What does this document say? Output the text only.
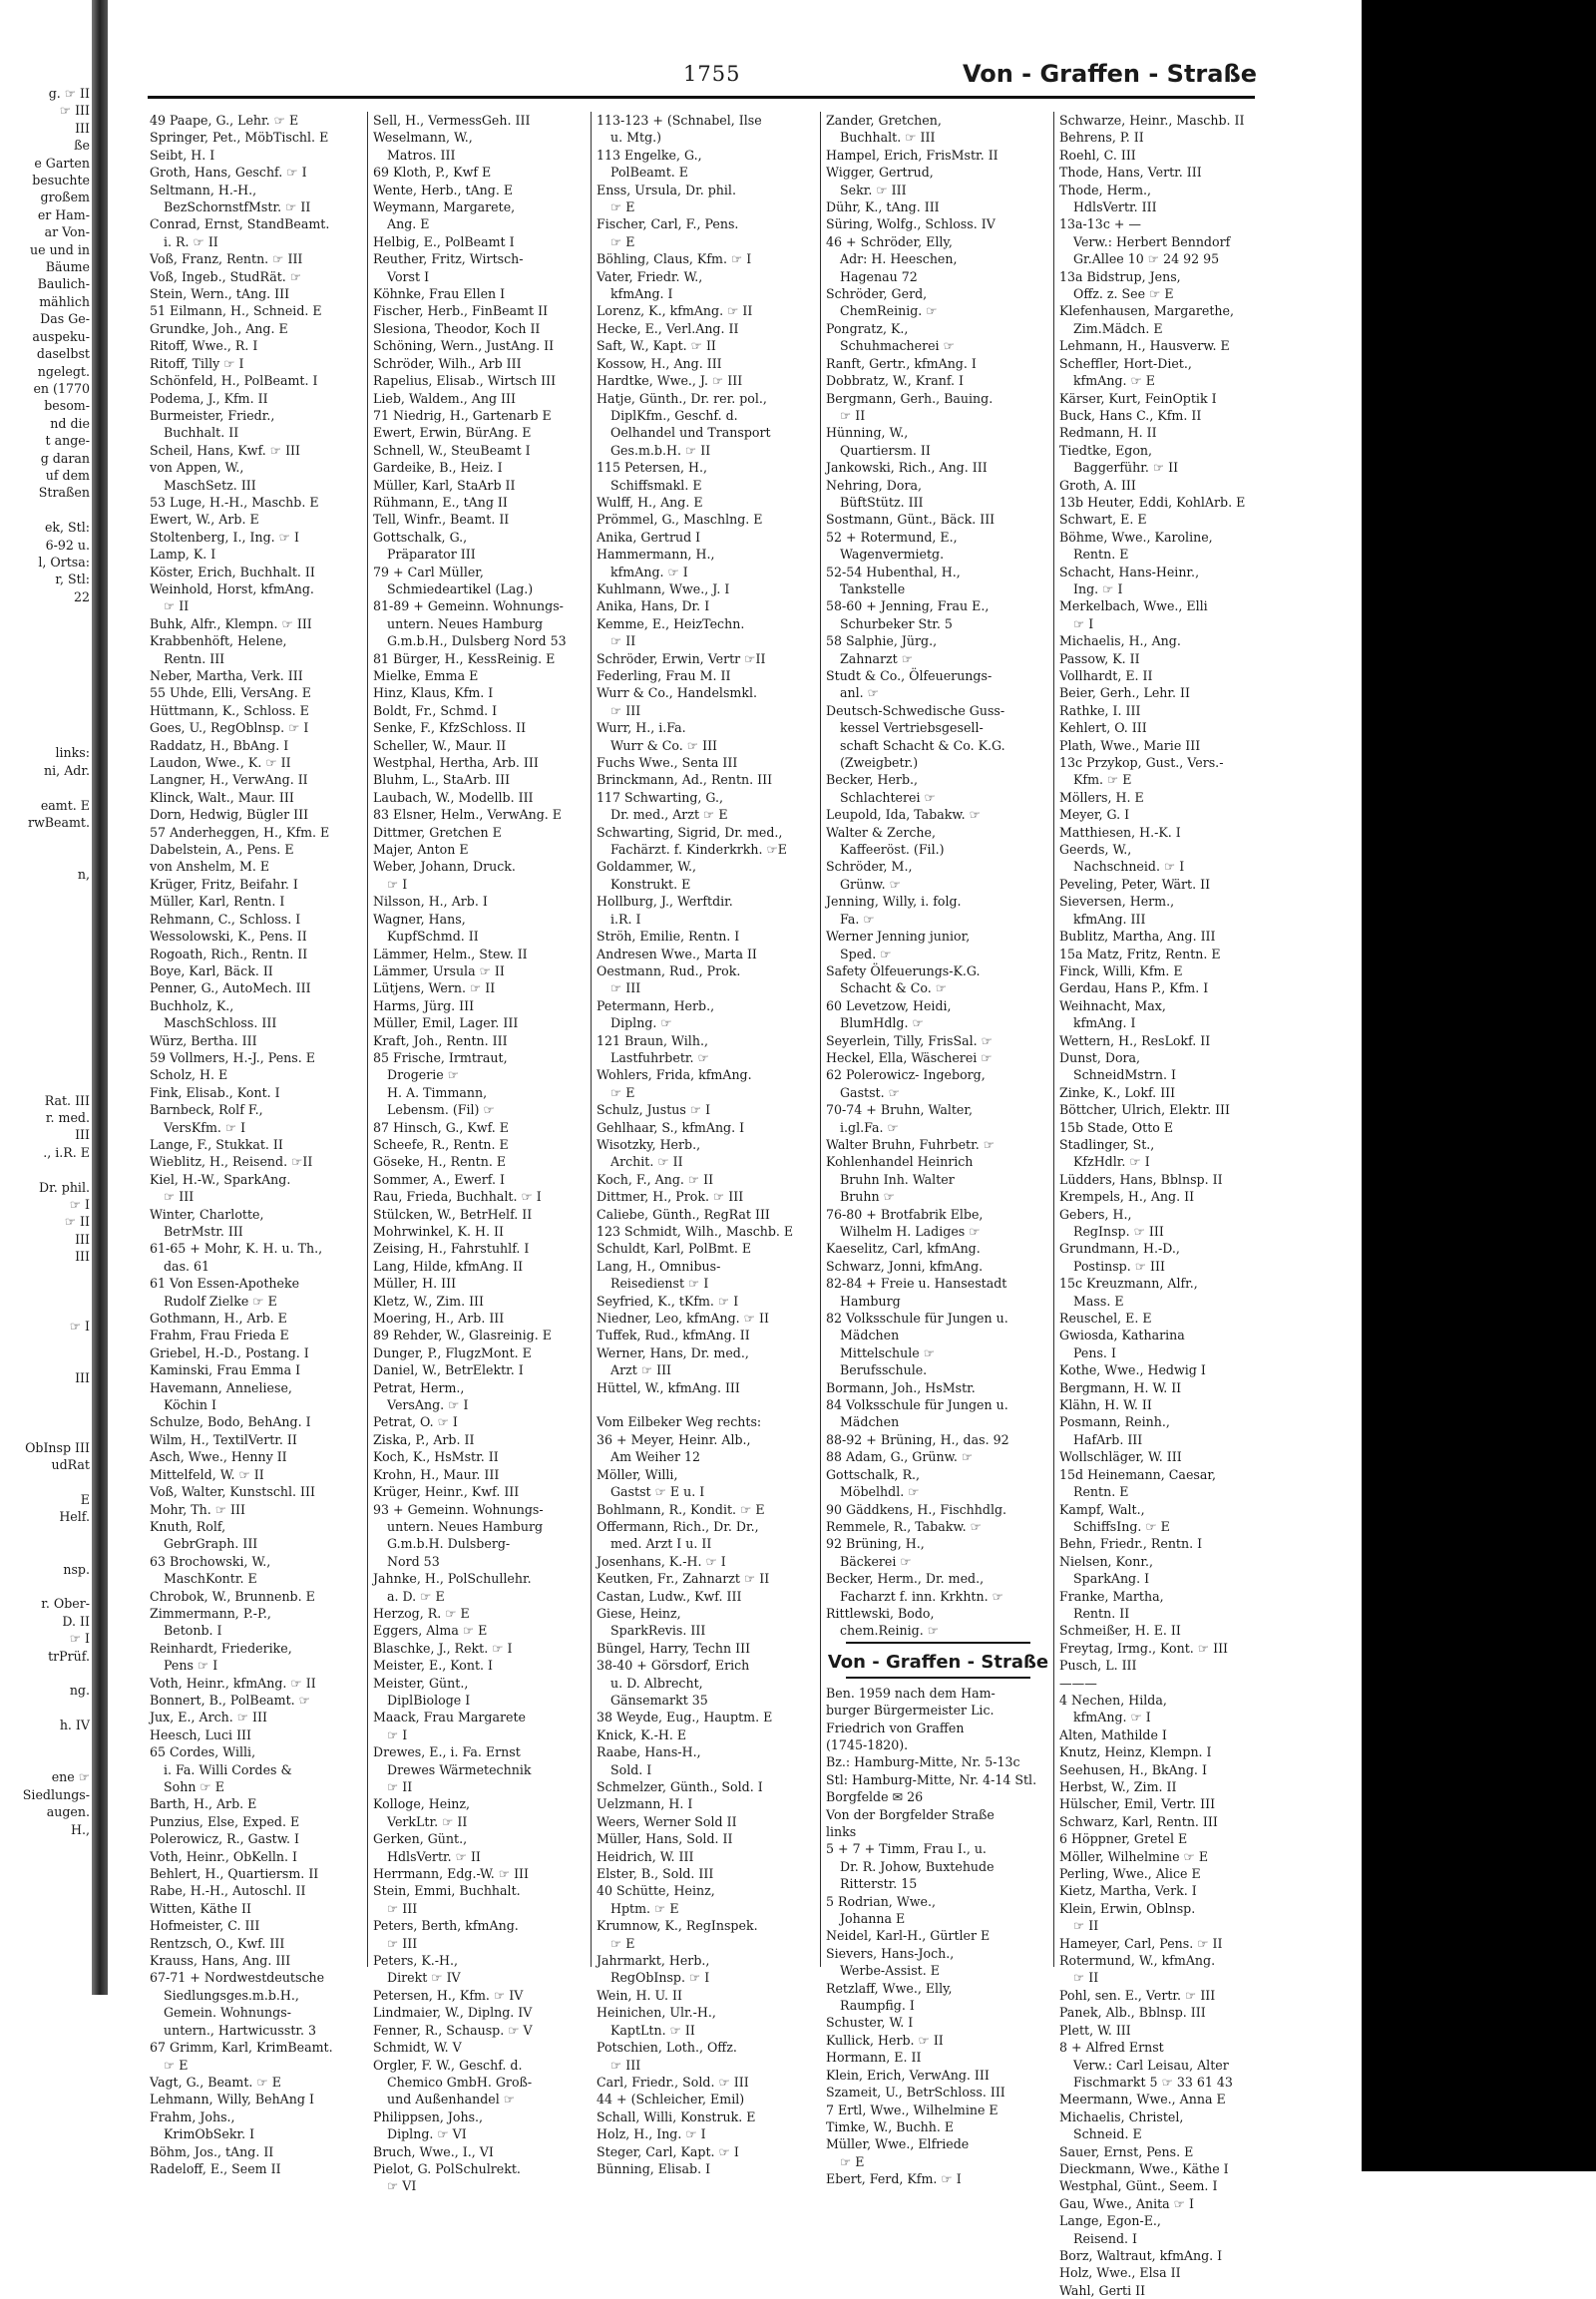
g. ☞ II
☞ III
III
ße
e Garten
besuchte
großem
er Ham-
ar Von-
ue und in
Bäume
Baulich-
mählich
Das Ge-
auspeku-
daselbst
ngelegt.
en (1770
besom-
nd die
t ange-
g daran
uf dem
Straßen

ek, Stl:
6-92 u.
l, Ortsa:
r, Stl:
22

links:
ni, Adr.

eamt. E
rwBeamt.

n,

Rat. III
r. med.
III
., i.R. E

Dr. phil.
☞ I
☞ II
III
III

☞ I

III

ObInsp III
udRat

E
Helf.

nsp.

r. Ober-
D. II
☞ I
trPrüf.

ng.

h. IV

ene ☞
Siedlungs-
augen.
H.,
1755	Von - Graffen - Straße
49 Paape, G., Lehr. ☞ E
Springer, Pet., MöbTischl. E
Seibt, H. I
Groth, Hans, Geschf. ☞ I
Seltmann, H.-H.,
BezSchornstfMstr. ☞ II
Conrad, Ernst, StandBeamt.
i. R. ☞ II
Voß, Franz, Rentn. ☞ III
Voß, Ingeb., StudRät. ☞
Stein, Wern., tAng. III
51 Eilmann, H., Schneid. E
Grundke, Joh., Ang. E
Ritoff, Wwe., R. I
Ritoff, Tilly ☞ I
Schönfeld, H., PolBeamt. I
Podema, J., Kfm. II
Burmeister, Friedr.,
Buchhalt. II
Scheil, Hans, Kwf. ☞ III
von Appen, W.,
MaschSetz. III
53 Luge, H.-H., Maschb. E
Ewert, W., Arb. E
Stoltenberg, I., Ing. ☞ I
Lamp, K. I
Köster, Erich, Buchhalt. II
Weinhold, Horst, kfmAng.
☞ II
Buhk, Alfr., Klempn. ☞ III
Krabbenhöft, Helene,
Rentn. III
Neber, Martha, Verk. III
55 Uhde, Elli, VersAng. E
Hüttmann, K., Schloss. E
Goes, U., RegOblnsp. ☞ I
Raddatz, H., BbAng. I
Laudon, Wwe., K. ☞ II
Langner, H., VerwAng. II
Klinck, Walt., Maur. III
Dorn, Hedwig, Bügler III
57 Anderheggen, H., Kfm. E
Dabelstein, A., Pens. E
von Anshelm, M. E
Krüger, Fritz, Beifahr. I
Müller, Karl, Rentn. I
Rehmann, C., Schloss. I
Wessolowski, K., Pens. II
Rogoath, Rich., Rentn. II
Boye, Karl, Bäck. II
Penner, G., AutoMech. III
Buchholz, K.,
MaschSchloss. III
Würz, Bertha. III
59 Vollmers, H.-J., Pens. E
Scholz, H. E
Fink, Elisab., Kont. I
Barnbeck, Rolf F.,
VersKfm. ☞ I
Lange, F., Stukkat. II
Wieblitz, H., Reisend. ☞II
Kiel, H.-W., SparkAng.
☞ III
Winter, Charlotte,
BetrMstr. III
61-65 + Mohr, K. H. u. Th.,
das. 61
61 Von Essen-Apotheke
Rudolf Zielke ☞ E
Gothmann, H., Arb. E
Frahm, Frau Frieda E
Griebel, H.-D., Postang. I
Kaminski, Frau Emma I
Havemann, Anneliese,
Köchin I
Schulze, Bodo, BehAng. I
Wilm, H., TextilVertr. II
Asch, Wwe., Henny II
Mittelfeld, W. ☞ II
Voß, Walter, Kunstschl. III
Mohr, Th. ☞ III
Knuth, Rolf,
GebrGraph. III
63 Brochowski, W.,
MaschKontr. E
Chrobok, W., Brunnenb. E
Zimmermann, P.-P.,
Betonb. I
Reinhardt, Friederike,
Pens ☞ I
Voth, Heinr., kfmAng. ☞ II
Bonnert, B., PolBeamt. ☞
Jux, E., Arch. ☞ III
Heesch, Luci III
65 Cordes, Willi,
i. Fa. Willi Cordes &
Sohn ☞ E
Barth, H., Arb. E
Punzius, Else, Exped. E
Polerowicz, R., Gastw. I
Voth, Heinr., ObKelln. I
Behlert, H., Quartiersm. II
Rabe, H.-H., Autoschl. II
Witten, Käthe II
Hofmeister, C. III
Rentzsch, O., Kwf. III
Krauss, Hans, Ang. III
67-71 + Nordwestdeutsche
Siedlungsges.m.b.H.,
Gemein. Wohnungs-
untern., Hartwicusstr. 3
67 Grimm, Karl, KrimBeamt.
☞ E
Vagt, G., Beamt. ☞ E
Lehmann, Willy, BehAng I
Frahm, Johs.,
KrimObSekr. I
Böhm, Jos., tAng. II
Radeloff, E., Seem II
Sell, H., VermessGeh. III
Weselmann, W.,
Matros. III
69 Kloth, P., Kwf E
Wente, Herb., tAng. E
Weymann, Margarete,
Ang. E
Helbig, E., PolBeamt I
Reuther, Fritz, Wirtsch-
Vorst I
Köhnke, Frau Ellen I
Fischer, Herb., FinBeamt II
Slesiona, Theodor, Koch II
Schöning, Wern., JustAng. II
Schröder, Wilh., Arb III
Rapelius, Elisab., Wirtsch III
Lieb, Waldem., Ang III
71 Niedrig, H., Gartenarb E
Ewert, Erwin, BürAng. E
Schnell, W., SteuBeamt I
Gardeike, B., Heiz. I
Müller, Karl, StaArb II
Rühmann, E., tAng II
Tell, Winfr., Beamt. II
Gottschalk, G.,
Präparator III
79 + Carl Müller,
Schmiedeartikel (Lag.)
81-89 + Gemeinn. Wohnungs-
untern. Neues Hamburg
G.m.b.H., Dulsberg Nord 53
81 Bürger, H., KessReinig. E
Mielke, Emma E
Hinz, Klaus, Kfm. I
Boldt, Fr., Schmd. I
Senke, F., KfzSchloss. II
Scheller, W., Maur. II
Westphal, Hertha, Arb. III
Bluhm, L., StaArb. III
Laubach, W., Modellb. III
83 Elsner, Helm., VerwAng. E
Dittmer, Gretchen E
Majer, Anton E
Weber, Johann, Druck.
☞ I
Nilsson, H., Arb. I
Wagner, Hans,
KupfSchmd. II
Lämmer, Helm., Stew. II
Lämmer, Ursula ☞ II
Lütjens, Wern. ☞ II
Harms, Jürg. III
Müller, Emil, Lager. III
Kraft, Joh., Rentn. III
85 Frische, Irmtraut,
Drogerie ☞
H. A. Timmann,
Lebensm. (Fil) ☞
87 Hinsch, G., Kwf. E
Scheefe, R., Rentn. E
Göseke, H., Rentn. E
Sommer, A., Ewerf. I
Rau, Frieda, Buchhalt. ☞ I
Stülcken, W., BetrHelf. II
Mohrwinkel, K. H. II
Zeising, H., Fahrstuhlf. I
Lang, Hilde, kfmAng. II
Müller, H. III
Kletz, W., Zim. III
Moering, H., Arb. III
89 Rehder, W., Glasreinig. E
Dunger, P., FlugzMont. E
Daniel, W., BetrElektr. I
Petrat, Herm.,
VersAng. ☞ I
Petrat, O. ☞ I
Ziska, P., Arb. II
Koch, K., HsMstr. II
Krohn, H., Maur. III
Krüger, Heinr., Kwf. III
93 + Gemeinn. Wohnungs-
untern. Neues Hamburg
G.m.b.H. Dulsberg-
Nord 53
Jahnke, H., PolSchullehr.
a. D. ☞ E
Herzog, R. ☞ E
Eggers, Alma ☞ E
Blaschke, J., Rekt. ☞ I
Meister, E., Kont. I
Meister, Günt.,
DiplBiologe I
Maack, Frau Margarete
☞ I
Drewes, E., i. Fa. Ernst
Drewes Wärmetechnik
☞ II
Kolloge, Heinz,
VerkLtr. ☞ II
Gerken, Günt.,
HdlsVertr. ☞ II
Herrmann, Edg.-W. ☞ III
Stein, Emmi, Buchhalt.
☞ III
Peters, Berth, kfmAng.
☞ III
Peters, K.-H.,
Direkt ☞ IV
Petersen, H., Kfm. ☞ IV
Lindmaier, W., Diplng. IV
Fenner, R., Schausp. ☞ V
Schmidt, W. V
Orgler, F. W., Geschf. d.
Chemico GmbH. Groß-
und Außenhandel ☞
Philippsen, Johs.,
Diplng. ☞ VI
Bruch, Wwe., I., VI
Pielot, G. PolSchulrekt.
☞ VI
113-123 + (Schnabel, Ilse
u. Mtg.)
113 Engelke, G.,
PolBeamt. E
Enss, Ursula, Dr. phil.
☞ E
Fischer, Carl, F., Pens.
☞ E
Böhling, Claus, Kfm. ☞ I
Vater, Friedr. W.,
kfmAng. I
Lorenz, K., kfmAng. ☞ II
Hecke, E., Verl.Ang. II
Saft, W., Kapt. ☞ II
Kossow, H., Ang. III
Hardtke, Wwe., J. ☞ III
Hatje, Günth., Dr. rer. pol.,
DiplKfm., Geschf. d.
Oelhandel und Transport
Ges.m.b.H. ☞ II
115 Petersen, H.,
Schiffsmakl. E
Wulff, H., Ang. E
Prömmel, G., Maschlng. E
Anika, Gertrud I
Hammermann, H.,
kfmAng. ☞ I
Kuhlmann, Wwe., J. I
Anika, Hans, Dr. I
Kemme, E., HeizTechn.
☞ II
Schröder, Erwin, Vertr ☞II
Federling, Frau M. II
Wurr & Co., Handelsmkl.
☞ III
Wurr, H., i.Fa.
Wurr & Co. ☞ III
Fuchs Wwe., Senta III
Brinckmann, Ad., Rentn. III
117 Schwarting, G.,
Dr. med., Arzt ☞ E
Schwarting, Sigrid, Dr. med.,
Fachärzt. f. Kinderkrkh. ☞E
Goldammer, W.,
Konstrukt. E
Hollburg, J., Werftdir.
i.R. I
Ströh, Emilie, Rentn. I
Andresen Wwe., Marta II
Oestmann, Rud., Prok.
☞ III
Petermann, Herb.,
Diplng. ☞
121 Braun, Wilh.,
Lastfuhrbetr. ☞
Wohlers, Frida, kfmAng.
☞ E
Schulz, Justus ☞ I
Gehlhaar, S., kfmAng. I
Wisotzky, Herb.,
Archit. ☞ II
Koch, F., Ang. ☞ II
Dittmer, H., Prok. ☞ III
Caliebe, Günth., RegRat III
123 Schmidt, Wilh., Maschb. E
Schuldt, Karl, PolBmt. E
Lang, H., Omnibus-
Reisedienst ☞ I
Seyfried, K., tKfm. ☞ I
Niedner, Leo, kfmAng. ☞ II
Tuffek, Rud., kfmAng. II
Werner, Hans, Dr. med.,
Arzt ☞ III
Hüttel, W., kfmAng. III

Vom Eilbeker Weg rechts:
36 + Meyer, Heinr. Alb.,
Am Weiher 12
Möller, Willi,
Gastst ☞ E u. I
Bohlmann, R., Kondit. ☞ E
Offermann, Rich., Dr. Dr.,
med. Arzt I u. II
Josenhans, K.-H. ☞ I
Keutken, Fr., Zahnarzt ☞ II
Castan, Ludw., Kwf. III
Giese, Heinz,
SparkRevis. III
Büngel, Harry, Techn III
38-40 + Görsdorf, Erich
u. D. Albrecht,
Gänsemarkt 35
38 Weyde, Eug., Hauptm. E
Knick, K.-H. E
Raabe, Hans-H.,
Sold. I
Schmelzer, Günth., Sold. I
Uelzmann, H. I
Weers, Werner Sold II
Müller, Hans, Sold. II
Heidrich, W. III
Elster, B., Sold. III
40 Schütte, Heinz,
Hptm. ☞ E
Krumnow, K., RegInspek.
☞ E
Jahrmarkt, Herb.,
RegObInsp. ☞ I
Wein, H. U. II
Heinichen, Ulr.-H.,
KaptLtn. ☞ II
Potschien, Loth., Offz.
☞ III
Carl, Friedr., Sold. ☞ III
44 + (Schleicher, Emil)
Schall, Willi, Konstruk. E
Holz, H., Ing. ☞ I
Steger, Carl, Kapt. ☞ I
Bünning, Elisab. I
Zander, Gretchen,
Buchhalt. ☞ III
Hampel, Erich, FrisMstr. II
Wigger, Gertrud,
Sekr. ☞ III
Dühr, K., tAng. III
Süring, Wolfg., Schloss. IV
46 + Schröder, Elly,
Adr: H. Heeschen,
Hagenau 72
Schröder, Gerd,
ChemReinig. ☞
Pongratz, K.,
Schuhmacherei ☞
Ranft, Gertr., kfmAng. I
Dobbratz, W., Kranf. I
Bergmann, Gerh., Bauing.
☞ II
Hünning, W.,
Quartiersm. II
Jankowski, Rich., Ang. III
Nehring, Dora,
BüftStütz. III
Sostmann, Günt., Bäck. III
52 + Rotermund, E.,
Wagenvermietg.
52-54 Hubenthal, H.,
Tankstelle
58-60 + Jenning, Frau E.,
Schurbeker Str. 5
58 Salphie, Jürg.,
Zahnarzt ☞
Studt & Co., Ölfeuerungs-
anl. ☞
Deutsch-Schwedische Guss-
kessel Vertriebsgesell-
schaft Schacht & Co. K.G.
(Zweigbetr.)
Becker, Herb.,
Schlachterei ☞
Leupold, Ida, Tabakw. ☞
Walter & Zerche,
Kaffeeröst. (Fil.)
Schröder, M.,
Grünw. ☞
Jenning, Willy, i. folg.
Fa. ☞
Werner Jenning junior,
Sped. ☞
Safety Ölfeuerungs-K.G.
Schacht & Co. ☞
60 Levetzow, Heidi,
BlumHdlg. ☞
Seyerlein, Tilly, FrisSal. ☞
Heckel, Ella, Wäscherei ☞
62 Polerowicz- Ingeborg,
Gastst. ☞
70-74 + Bruhn, Walter,
i.gl.Fa. ☞
Walter Bruhn, Fuhrbetr. ☞
Kohlenhandel Heinrich
Bruhn Inh. Walter
Bruhn ☞
76-80 + Brotfabrik Elbe,
Wilhelm H. Ladiges ☞
Kaeselitz, Carl, kfmAng.
Schwarz, Jonni, kfmAng.
82-84 + Freie u. Hansestadt
Hamburg
82 Volksschule für Jungen u.
Mädchen
Mittelschule ☞
Berufsschule.
Bormann, Joh., HsMstr.
84 Volksschule für Jungen u.
Mädchen
88-92 + Brüning, H., das. 92
88 Adam, G., Grünw. ☞
Gottschalk, R.,
Möbelhdl. ☞
90 Gäddkens, H., Fischhdlg.
Remmele, R., Tabakw. ☞
92 Brüning, H.,
Bäckerei ☞
Becker, Herm., Dr. med.,
Facharzt f. inn. Krkhtn. ☞
Rittlewski, Bodo,
chem.Reinig. ☞
Von - Graffen - Straße
Ben. 1959 nach dem Ham-
burger Bürgermeister Lic.
Friedrich von Graffen
(1745-1820).
Bz.: Hamburg-Mitte, Nr. 5-13c
Stl: Hamburg-Mitte, Nr. 4-14 Stl.
Borgfelde ✉ 26
Von der Borgfelder Straße
links
5 + 7 + Timm, Frau I., u.
Dr. R. Johow, Buxtehude
Ritterstr. 15
5 Rodrian, Wwe.,
Johanna E
Neidel, Karl-H., Gürtler E
Sievers, Hans-Joch.,
Werbe-Assist. E
Retzlaff, Wwe., Elly,
Raumpfig. I
Schuster, W. I
Kullick, Herb. ☞ II
Hormann, E. II
Klein, Erich, VerwAng. III
Szameit, U., BetrSchloss. III
7 Ertl, Wwe., Wilhelmine E
Timke, W., Buchh. E
Müller, Wwe., Elfriede
☞ E
Ebert, Ferd, Kfm. ☞ I
Schwarze, Heinr., Maschb. II
Behrens, P. II
Roehl, C. III
Thode, Hans, Vertr. III
Thode, Herm.,
HdlsVertr. III
13a-13c + —
Verw.: Herbert Benndorf
Gr.Allee 10 ☞ 24 92 95
13a Bidstrup, Jens,
Offz. z. See ☞ E
Klefenhausen, Margarethe,
Zim.Mädch. E
Lehmann, H., Hausverw. E
Scheffler, Hort-Diet.,
kfmAng. ☞ E
Kärser, Kurt, FeinOptik I
Buck, Hans C., Kfm. II
Redmann, H. II
Tiedtke, Egon,
Baggerführ. ☞ II
Groth, A. III
13b Heuter, Eddi, KohlArb. E
Schwart, E. E
Böhme, Wwe., Karoline,
Rentn. E
Schacht, Hans-Heinr.,
Ing. ☞ I
Merkelbach, Wwe., Elli
☞ I
Michaelis, H., Ang.
Passow, K. II
Vollhardt, E. II
Beier, Gerh., Lehr. II
Rathke, I. III
Kehlert, O. III
Plath, Wwe., Marie III
13c Przykop, Gust., Vers.-
Kfm. ☞ E
Möllers, H. E
Meyer, G. I
Matthiesen, H.-K. I
Geerds, W.,
Nachschneid. ☞ I
Peveling, Peter, Wärt. II
Sieversen, Herm.,
kfmAng. III
Bublitz, Martha, Ang. III
15a Matz, Fritz, Rentn. E
Finck, Willi, Kfm. E
Gerdau, Hans P., Kfm. I
Weihnacht, Max,
kfmAng. I
Wettern, H., ResLokf. II
Dunst, Dora,
SchneidMstrn. I
Zinke, K., Lokf. III
Böttcher, Ulrich, Elektr. III
15b Stade, Otto E
Stadlinger, St.,
KfzHdlr. ☞ I
Lüdders, Hans, Bblnsp. II
Krempels, H., Ang. II
Gebers, H.,
RegInsp. ☞ III
Grundmann, H.-D.,
Postinsp. ☞ III
15c Kreuzmann, Alfr.,
Mass. E
Reuschel, E. E
Gwiosda, Katharina
Pens. I
Kothe, Wwe., Hedwig I
Bergmann, H. W. II
Klähn, H. W. II
Posmann, Reinh.,
HafArb. III
Wollschläger, W. III
15d Heinemann, Caesar,
Rentn. E
Kampf, Walt.,
SchiffsIng. ☞ E
Behn, Friedr., Rentn. I
Nielsen, Konr.,
SparkAng. I
Franke, Martha,
Rentn. II
Schmeißer, H. E. II
Freytag, Irmg., Kont. ☞ III
Pusch, L. III
———
4 Nechen, Hilda,
kfmAng. ☞ I
Alten, Mathilde I
Knutz, Heinz, Klempn. I
Seehusen, H., BkAng. I
Herbst, W., Zim. II
Hülscher, Emil, Vertr. III
Schwarz, Karl, Rentn. III
6 Höppner, Gretel E
Möller, Wilhelmine ☞ E
Perling, Wwe., Alice E
Kietz, Martha, Verk. I
Klein, Erwin, Oblnsp.
☞ II
Hameyer, Carl, Pens. ☞ II
Rotermund, W., kfmAng.
☞ II
Pohl, sen. E., Vertr. ☞ III
Panek, Alb., Bblnsp. III
Plett, W. III
8 + Alfred Ernst
Verw.: Carl Leisau, Alter
Fischmarkt 5 ☞ 33 61 43
Meermann, Wwe., Anna E
Michaelis, Christel,
Schneid. E
Sauer, Ernst, Pens. E
Dieckmann, Wwe., Käthe I
Westphal, Günt., Seem. I
Gau, Wwe., Anita ☞ I
Lange, Egon-E.,
Reisend. I
Borz, Waltraut, kfmAng. I
Holz, Wwe., Elsa II
Wahl, Gerti II
